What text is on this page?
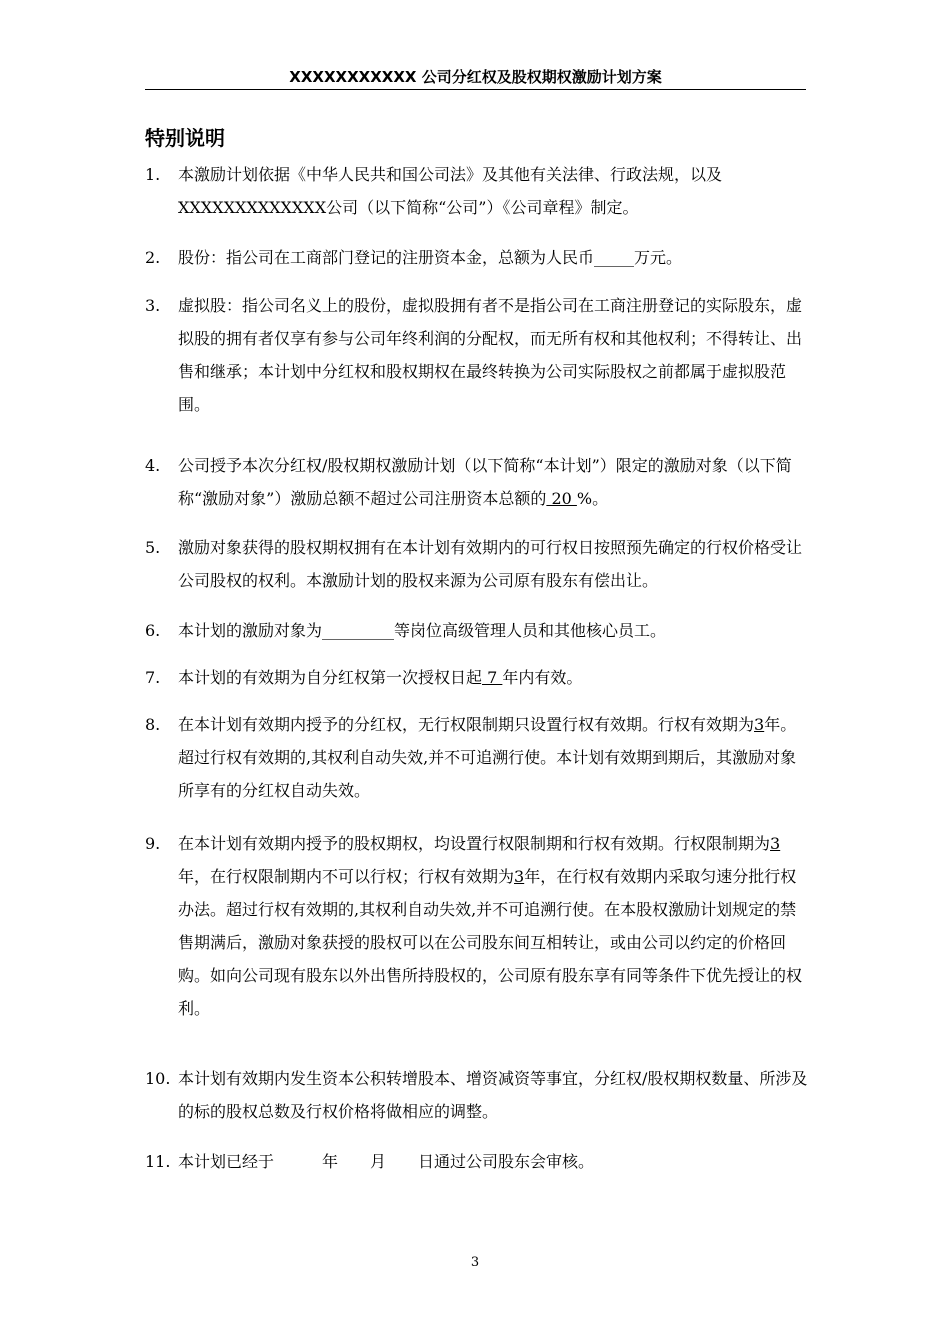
XXXXXXXXXXX 公司分红权及股权期权激励计划方案
特别说明
1. 本激励计划依据《中华人民共和国公司法》及其他有关法律、行政法规，以及 XXXXXXXXXXXXX公司（以下简称“公司”）《公司章程》制定。
2. 股份：指公司在工商部门登记的注册资本金，总额为人民币_____万元。
3. 虚拟股：指公司名义上的股份，虚拟股拥有者不是指公司在工商注册登记的实际股东，虚拟股的拥有者仅享有参与公司年终利润的分配权，而无所有权和其他权利；不得转让、出售和继承；本计划中分红权和股权期权在最终转换为公司实际股权之前都属于虚拟股范围。
4. 公司授予本次分红权/股权期权激励计划（以下简称“本计划”）限定的激励对象（以下简称“激励对象”）激励总额不超过公司注册资本总额的 20 %。
5. 激励对象获得的股权期权拥有在本计划有效期内的可行权日按照预先确定的行权价格受让公司股权的权利。本激励计划的股权来源为公司原有股东有偿出让。
6. 本计划的激励对象为_________等岗位高级管理人员和其他核心员工。
7. 本计划的有效期为自分红权第一次授权日起 7 年内有效。
8. 在本计划有效期内授予的分红权，无行权限制期只设置行权有效期。行权有效期为3年。超过行权有效期的,其权利自动失效,并不可追溯行使。本计划有效期到期后，其激励对象所享有的分红权自动失效。
9. 在本计划有效期内授予的股权期权，均设置行权限制期和行权有效期。行权限制期为3年，在行权限制期内不可以行权；行权有效期为3年，在行权有效期内采取匀速分批行权办法。超过行权有效期的,其权利自动失效,并不可追溯行使。在本股权激励计划规定的禁售期满后，激励对象获授的股权可以在公司股东间互相转让，或由公司以约定的价格回购。如向公司现有股东以外出售所持股权的，公司原有股东享有同等条件下优先授让的权利。
10. 本计划有效期内发生资本公积转增股本、增资减资等事宜，分红权/股权期权数量、所涉及的标的股权总数及行权价格将做相应的调整。
11. 本计划已经于　　　年　　月　　日通过公司股东会审核。
3
